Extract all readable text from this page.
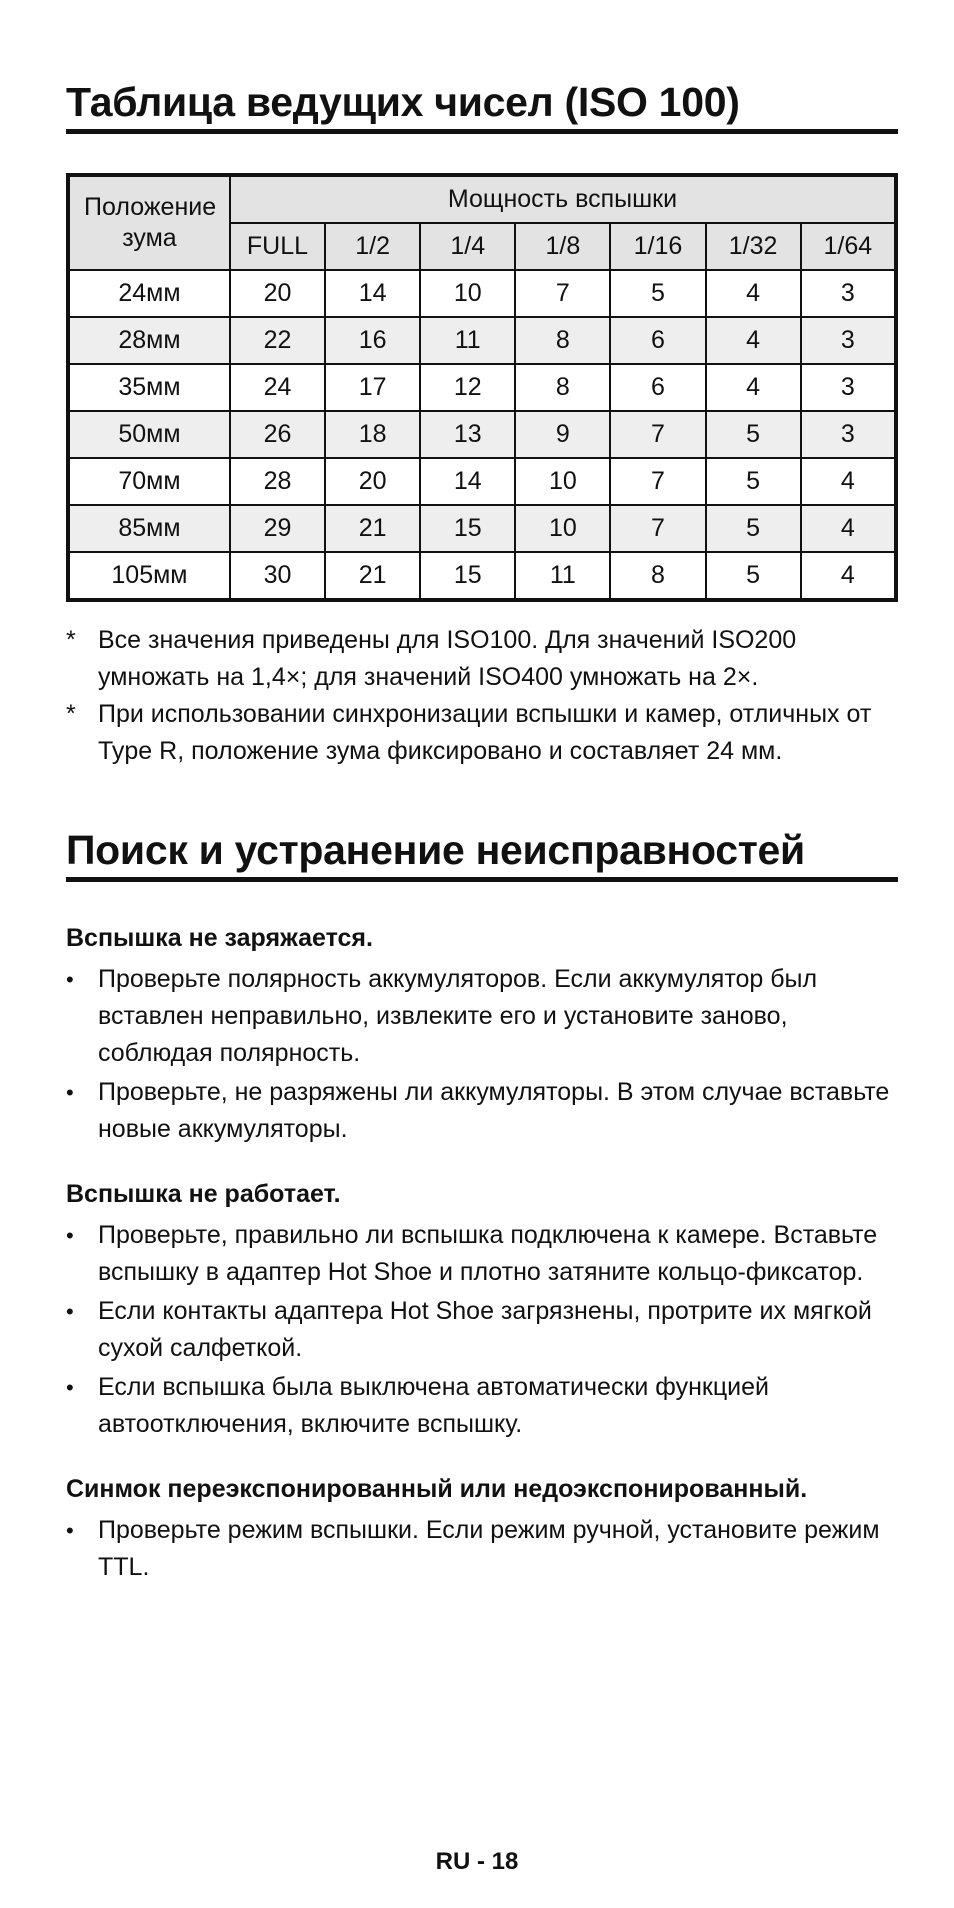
Таблица ведущих чисел (ISO 100)
Положение зума	Мощность вспышки						
	FULL	1/2	1/4	1/8	1/16	1/32	1/64
24мм	20	14	10	7	5	4	3
28мм	22	16	11	8	6	4	3
35мм	24	17	12	8	6	4	3
50мм	26	18	13	9	7	5	3
70мм	28	20	14	10	7	5	4
85мм	29	21	15	10	7	5	4
105мм	30	21	15	11	8	5	4
* Все значения приведены для ISO100. Для значений ISO200 умножать на 1,4×; для значений ISO400 умножать на 2×.
* При использовании синхронизации вспышки и камер, отличных от Type R, положение зума фиксировано и составляет 24 мм.
Поиск и устранение неисправностей
Вспышка не заряжается.
• Проверьте полярность аккумуляторов. Если аккумулятор был вставлен неправильно, извлеките его и установите заново, соблюдая полярность.
• Проверьте, не разряжены ли аккумуляторы. В этом случае вставьте новые аккумуляторы.
Вспышка не работает.
• Проверьте, правильно ли вспышка подключена к камере. Вставьте вспышку в адаптер Hot Shoe и плотно затяните кольцо-фиксатор.
• Если контакты адаптера Hot Shoe загрязнены, протрите их мягкой сухой салфеткой.
• Если вспышка была выключена автоматически функцией автоотключения, включите вспышку.
Синмок переэкспонированный или недоэкспонированный.
• Проверьте режим вспышки. Если режим ручной, установите режим TTL.
RU - 18
